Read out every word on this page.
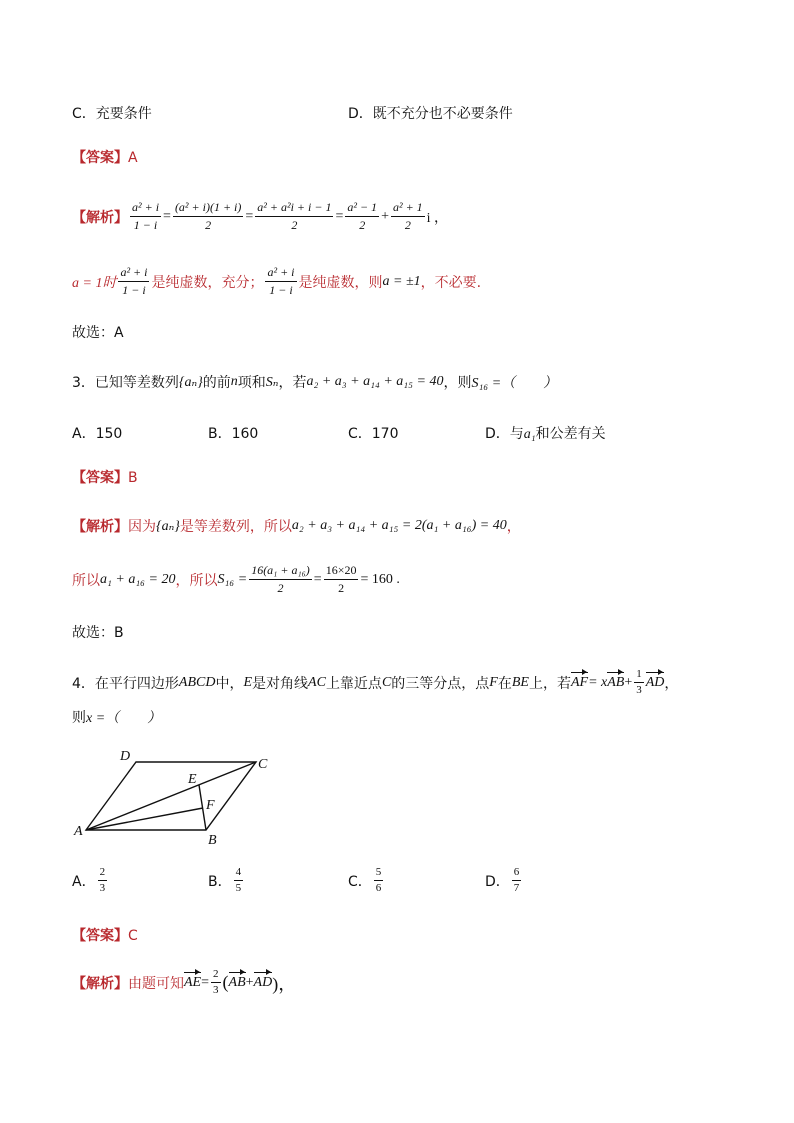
C．充要条件	D．既不充分也不必要条件
【答案】A
【解析】 $\frac{\text{a² + i}}{1 - i} = \frac{\text{(a² + i)(1 + i)}}{2} = \frac{\text{a² + a²i + i − 1}}{2} = \frac{\text{a² − 1}}{2} + \frac{\text{a² + 1}}{2}$ i ，
a = 1时 $\frac{\text{a² + i}}{1 - i}$ 是纯虚数，充分； $\frac{\text{a² + i}}{1 - i}$ 是纯虚数，则 a = ±1 ，不必要.
故选：A
3．已知等差数列 {aₙ} 的前 n 项和 Sₙ ，若 a₂ + a₃ + a₁₄ + a₁₅ = 40 ，则 S₁₆ =（　　）
A．150	B．160	C．170	D．与a₁和公差有关
【答案】B
【解析】 因为 {aₙ} 是等差数列，所以 a₂ + a₃ + a₁₄ + a₁₅ = 2(a₁ + a₁₆) = 40 ，
所以 a₁ + a₁₆ = 20 ，所以 $S_{16} = \frac{\text{16(a₁ + a₁₆)}}{2} = \frac{16\times 20}{2} = 160$ .
故选：B
4．在平行四边形 ABCD 中， E 是对角线 AC 上靠近点 C 的三等分点，点 F 在 BE 上，若 AF = x AB + $\frac{1}{3}$ AD ，
则x =（　　）
A
B
C
D
E
F
A． $\frac{2}{3}$	B． $\frac{4}{5}$	C． $\frac{5}{6}$	D． $\frac{6}{7}$
【答案】C
【解析】 由题可知 AE = $\frac{2}{3}$ ( AB + AD )，
